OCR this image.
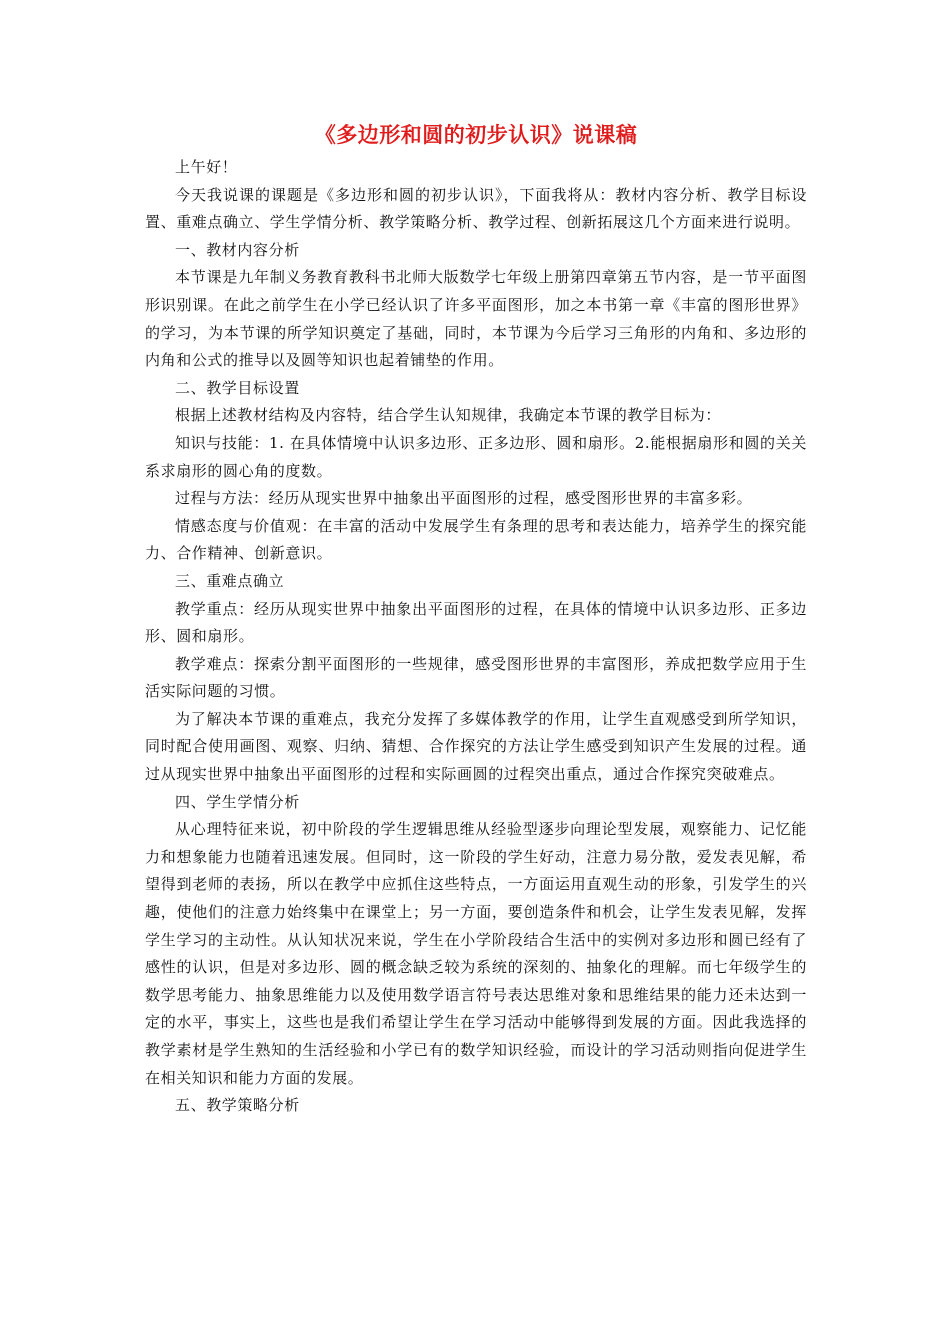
《多边形和圆的初步认识》说课稿

上午好！

今天我说课的课题是《多边形和圆的初步认识》，下面我将从：教材内容分析、教学目标设置、重难点确立、学生学情分析、教学策略分析、教学过程、创新拓展这几个方面来进行说明。

一、教材内容分析

本节课是九年制义务教育教科书北师大版数学七年级上册第四章第五节内容，是一节平面图形识别课。在此之前学生在小学已经认识了许多平面图形，加之本书第一章《丰富的图形世界》的学习，为本节课的所学知识奠定了基础，同时，本节课为今后学习三角形的内角和、多边形的内角和公式的推导以及圆等知识也起着铺垫的作用。

二、教学目标设置

根据上述教材结构及内容特，结合学生认知规律，我确定本节课的教学目标为：

知识与技能：1. 在具体情境中认识多边形、正多边形、圆和扇形。2.能根据扇形和圆的关关系求扇形的圆心角的度数。

过程与方法：经历从现实世界中抽象出平面图形的过程，感受图形世界的丰富多彩。

情感态度与价值观：在丰富的活动中发展学生有条理的思考和表达能力，培养学生的探究能力、合作精神、创新意识。

三、重难点确立

教学重点：经历从现实世界中抽象出平面图形的过程，在具体的情境中认识多边形、正多边形、圆和扇形。

教学难点：探索分割平面图形的一些规律，感受图形世界的丰富图形，养成把数学应用于生活实际问题的习惯。

为了解决本节课的重难点，我充分发挥了多媒体教学的作用，让学生直观感受到所学知识，同时配合使用画图、观察、归纳、猜想、合作探究的方法让学生感受到知识产生发展的过程。通过从现实世界中抽象出平面图形的过程和实际画圆的过程突出重点，通过合作探究突破难点。

四、学生学情分析

从心理特征来说，初中阶段的学生逻辑思维从经验型逐步向理论型发展，观察能力、记忆能力和想象能力也随着迅速发展。但同时，这一阶段的学生好动，注意力易分散，爱发表见解，希望得到老师的表扬，所以在教学中应抓住这些特点，一方面运用直观生动的形象，引发学生的兴趣，使他们的注意力始终集中在课堂上；另一方面，要创造条件和机会，让学生发表见解，发挥学生学习的主动性。从认知状况来说，学生在小学阶段结合生活中的实例对多边形和圆已经有了感性的认识，但是对多边形、圆的概念缺乏较为系统的深刻的、抽象化的理解。而七年级学生的数学思考能力、抽象思维能力以及使用数学语言符号表达思维对象和思维结果的能力还未达到一定的水平，事实上，这些也是我们希望让学生在学习活动中能够得到发展的方面。因此我选择的教学素材是学生熟知的生活经验和小学已有的数学知识经验，而设计的学习活动则指向促进学生在相关知识和能力方面的发展。

五、教学策略分析
